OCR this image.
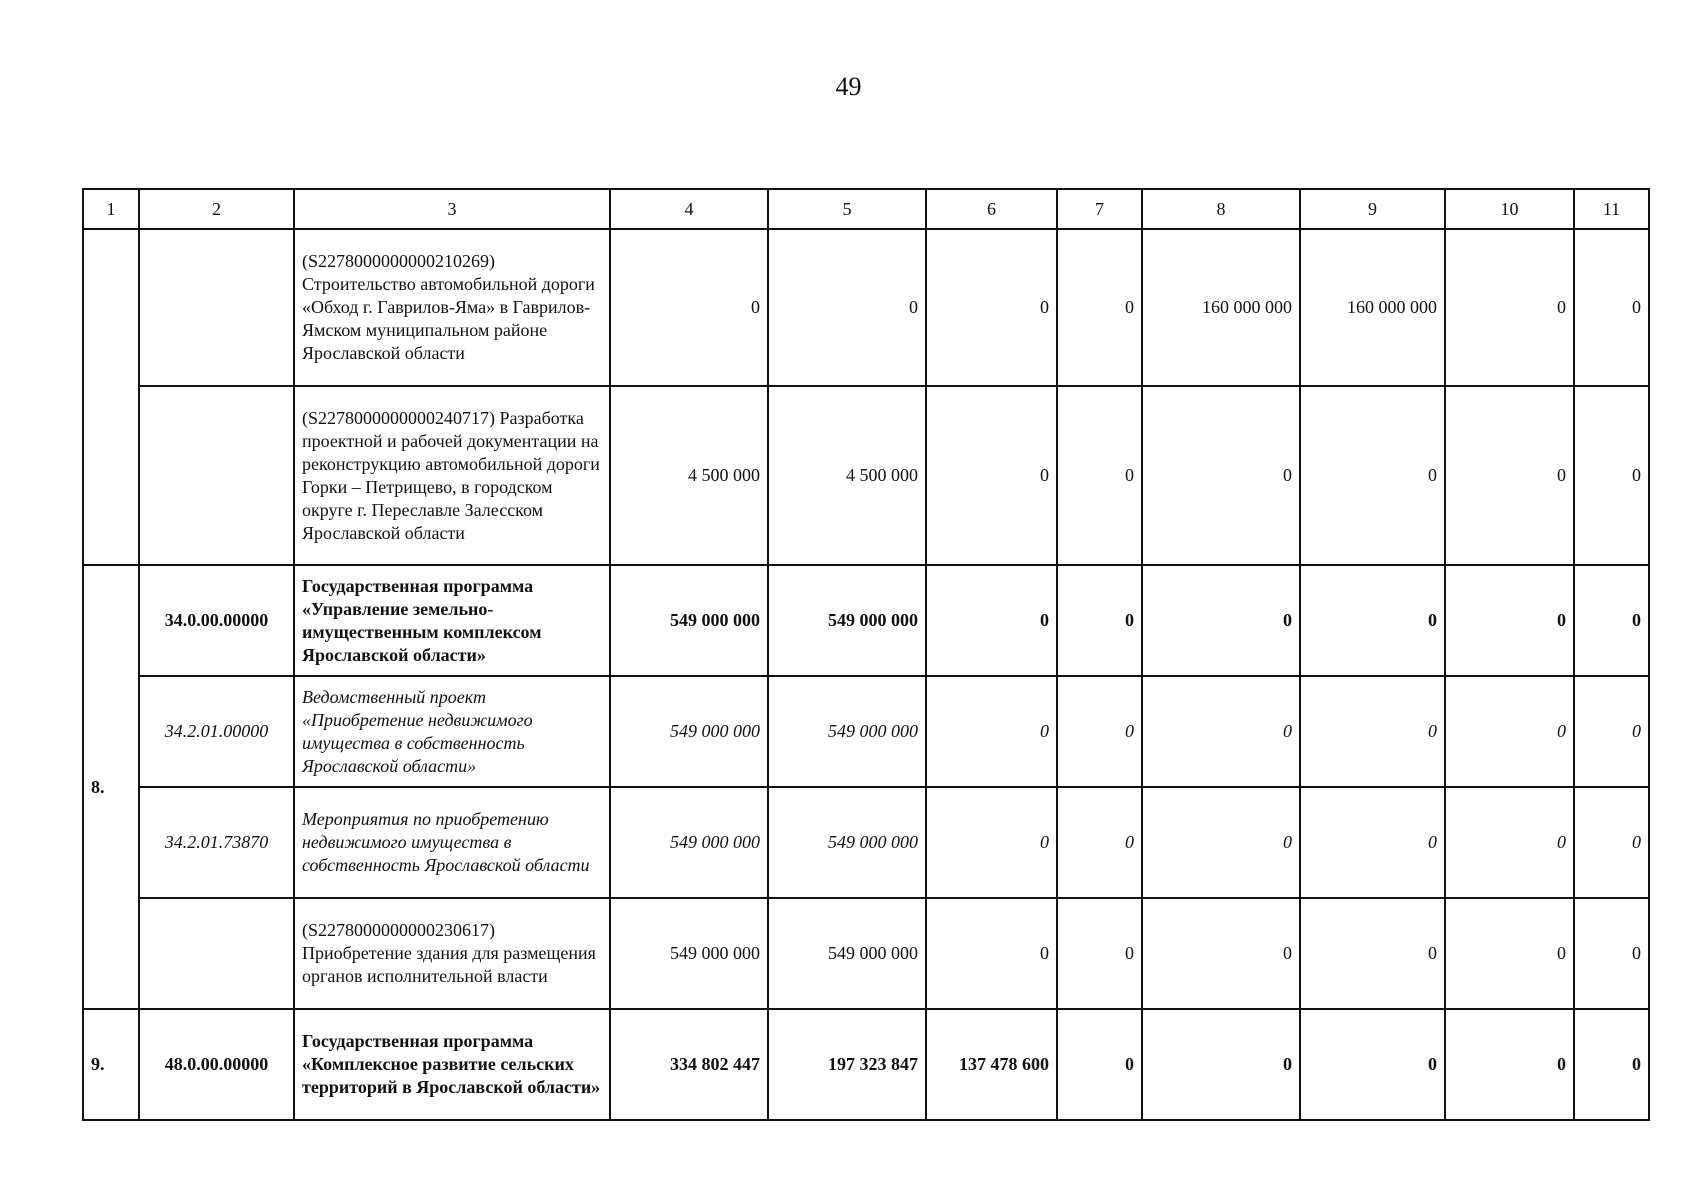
49
1	2	3	4	5	6	7	8	9	10	11
		(S2278000000000210269) Строительство автомобильной дороги «Обход г. Гаврилов-Яма» в Гаврилов-Ямском муниципальном районе Ярославской области	0	0	0	0	160 000 000	160 000 000	0	0
		(S2278000000000240717) Разработка проектной и рабочей документации на реконструкцию автомобильной дороги Горки – Петрищево, в городском округе г. Переславле Залесском Ярославской области	4 500 000	4 500 000	0	0	0	0	0	0
8.	34.0.00.00000	Государственная программа «Управление земельно-имущественным комплексом Ярославской области»	549 000 000	549 000 000	0	0	0	0	0	0
	34.2.01.00000	Ведомственный проект «Приобретение недвижимого имущества в собственность Ярославской области»	549 000 000	549 000 000	0	0	0	0	0	0
	34.2.01.73870	Мероприятия по приобретению недвижимого имущества в собственность Ярославской области	549 000 000	549 000 000	0	0	0	0	0	0
		(S2278000000000230617) Приобретение здания для размещения органов исполнительной власти	549 000 000	549 000 000	0	0	0	0	0	0
9.	48.0.00.00000	Государственная программа «Комплексное развитие сельских территорий в Ярославской области»	334 802 447	197 323 847	137 478 600	0	0	0	0	0
